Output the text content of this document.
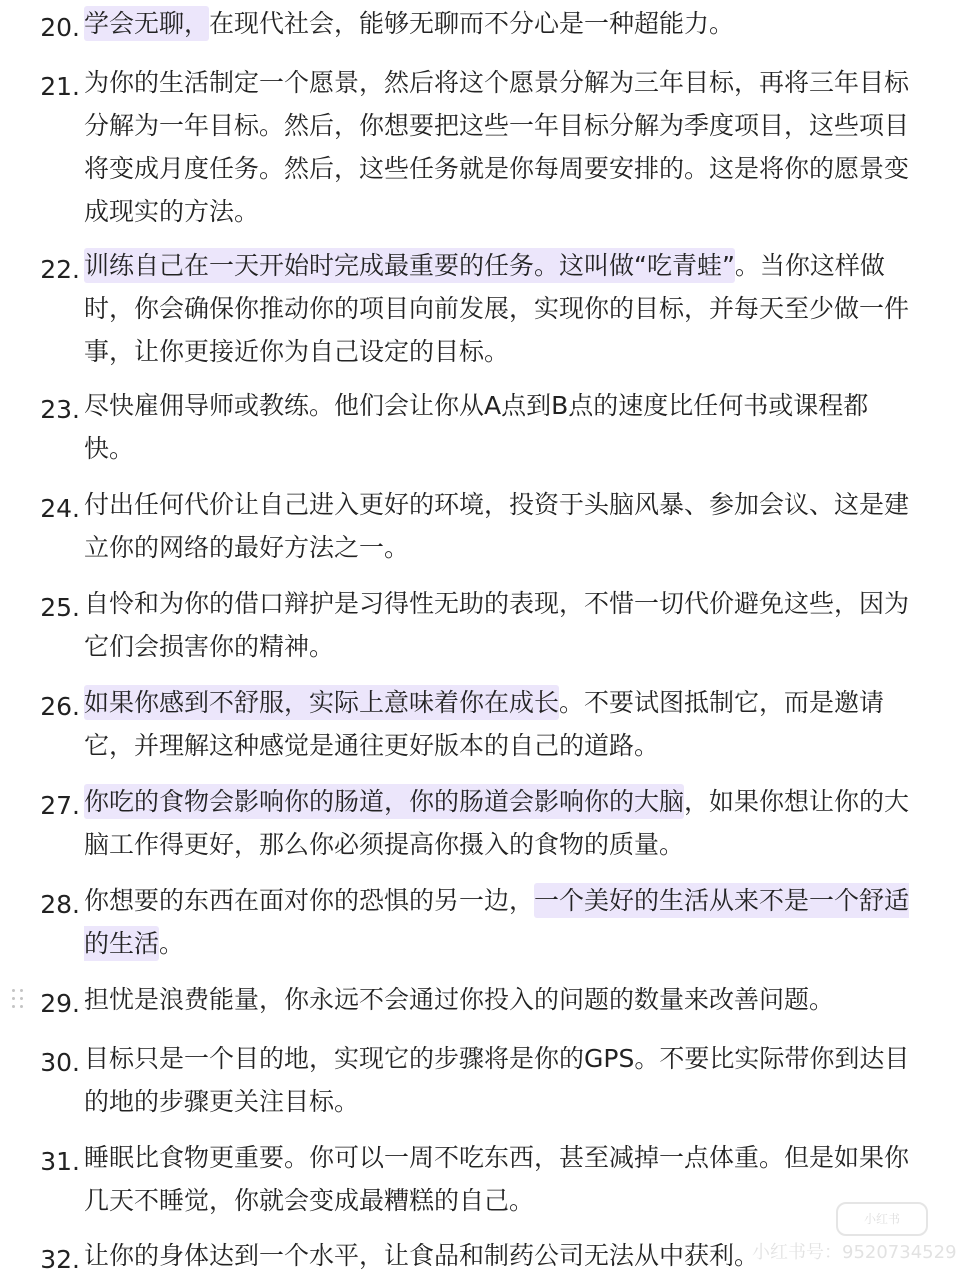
20. 学会无聊，在现代社会，能够无聊而不分心是一种超能力。
21. 为你的生活制定一个愿景，然后将这个愿景分解为三年目标，再将三年目标分解为一年目标。然后，你想要把这些一年目标分解为季度项目，这些项目将变成月度任务。然后，这些任务就是你每周要安排的。这是将你的愿景变成现实的方法。
22. 训练自己在一天开始时完成最重要的任务。这叫做“吃青蛙”。当你这样做时，你会确保你推动你的项目向前发展，实现你的目标，并每天至少做一件事，让你更接近你为自己设定的目标。
23. 尽快雇佣导师或教练。他们会让你从A点到B点的速度比任何书或课程都快。
24. 付出任何代价让自己进入更好的环境，投资于头脑风暴、参加会议、这是建立你的网络的最好方法之一。
25. 自怜和为你的借口辩护是习得性无助的表现，不惜一切代价避免这些，因为它们会损害你的精神。
26. 如果你感到不舒服，实际上意味着你在成长。不要试图抵制它，而是邀请它，并理解这种感觉是通往更好版本的自己的道路。
27. 你吃的食物会影响你的肠道，你的肠道会影响你的大脑，如果你想让你的大脑工作得更好，那么你必须提高你摄入的食物的质量。
28. 你想要的东西在面对你的恐惧的另一边，一个美好的生活从来不是一个舒适的生活。
29. 担忧是浪费能量，你永远不会通过你投入的问题的数量来改善问题。
30. 目标只是一个目的地，实现它的步骤将是你的GPS。不要比实际带你到达目的地的步骤更关注目标。
31. 睡眠比食物更重要。你可以一周不吃东西，甚至减掉一点体重。但是如果你几天不睡觉，你就会变成最糟糕的自己。
32. 让你的身体达到一个水平，让食品和制药公司无法从中获利。
小红书
小红书号：9520734529
